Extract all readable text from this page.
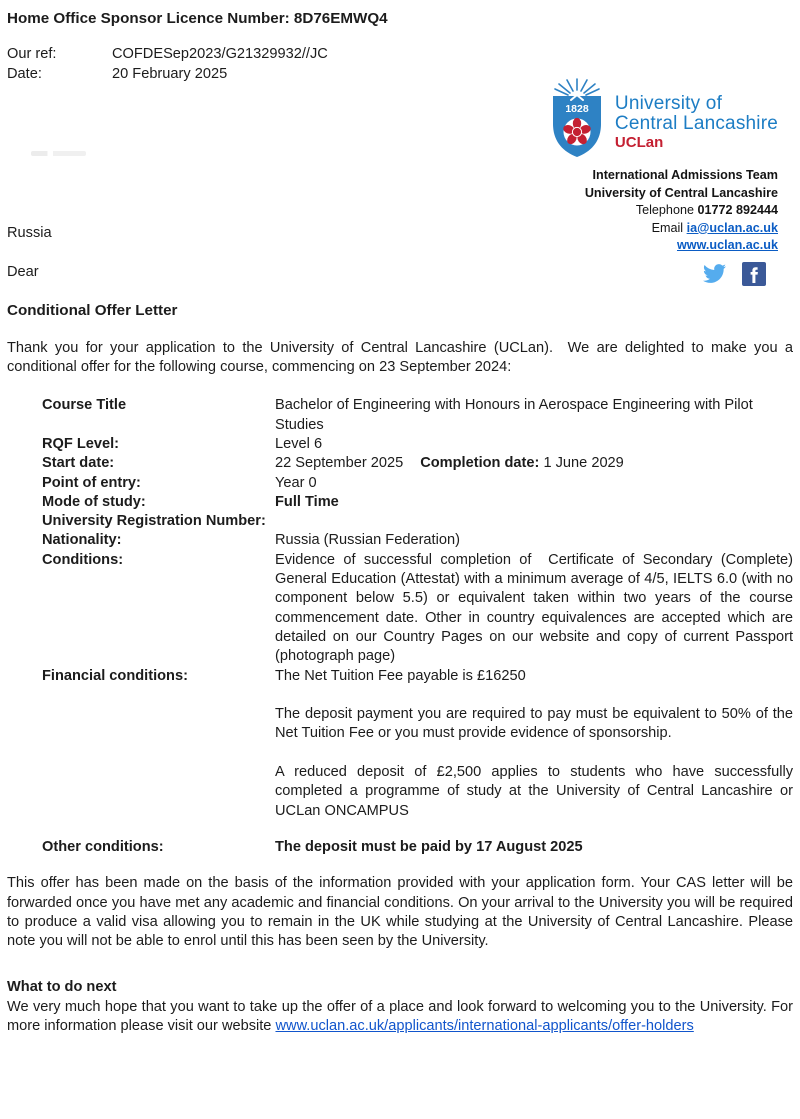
Home Office Sponsor Licence Number: 8D76EMWQ4
Our ref:	COFDESep2023/G21329932//JC
Date:	20 February 2025
1828 University of
Central Lancashire
UCLan
International Admissions Team
University of Central Lancashire
Telephone 01772 892444
Email ia@uclan.ac.uk
www.uclan.ac.uk
Russia
Dear
Conditional Offer Letter

Thank you for your application to the University of Central Lancashire (UCLan).  We are delighted to make you a conditional offer for the following course, commencing on 23 September 2024:

Course Title	Bachelor of Engineering with Honours in Aerospace Engineering with Pilot Studies
RQF Level:	Level 6
Start date:	22 September 2025 Completion date: 1 June 2029
Point of entry:	Year 0
Mode of study:	Full Time
University Registration Number:
Nationality:	Russia (Russian Federation)
Conditions:	Evidence of successful completion of  Certificate of Secondary (Complete) General Education (Attestat) with a minimum average of 4/5, IELTS 6.0 (with no component below 5.5) or equivalent taken within two years of the course commencement date. Other in country equivalences are accepted which are detailed on our Country Pages on our website and copy of current Passport (photograph page)
Financial conditions:	The Net Tuition Fee payable is £16250
The deposit payment you are required to pay must be equivalent to 50% of the Net Tuition Fee or you must provide evidence of sponsorship.
A reduced deposit of £2,500 applies to students who have successfully completed a programme of study at the University of Central Lancashire or UCLan ONCAMPUS
Other conditions:	The deposit must be paid by 17 August 2025

This offer has been made on the basis of the information provided with your application form. Your CAS letter will be forwarded once you have met any academic and financial conditions. On your arrival to the University you will be required to produce a valid visa allowing you to remain in the UK while studying at the University of Central Lancashire. Please note you will not be able to enrol until this has been seen by the University.

What to do next

We very much hope that you want to take up the offer of a place and look forward to welcoming you to the University. For more information please visit our website www.uclan.ac.uk/applicants/international-applicants/offer-holders
